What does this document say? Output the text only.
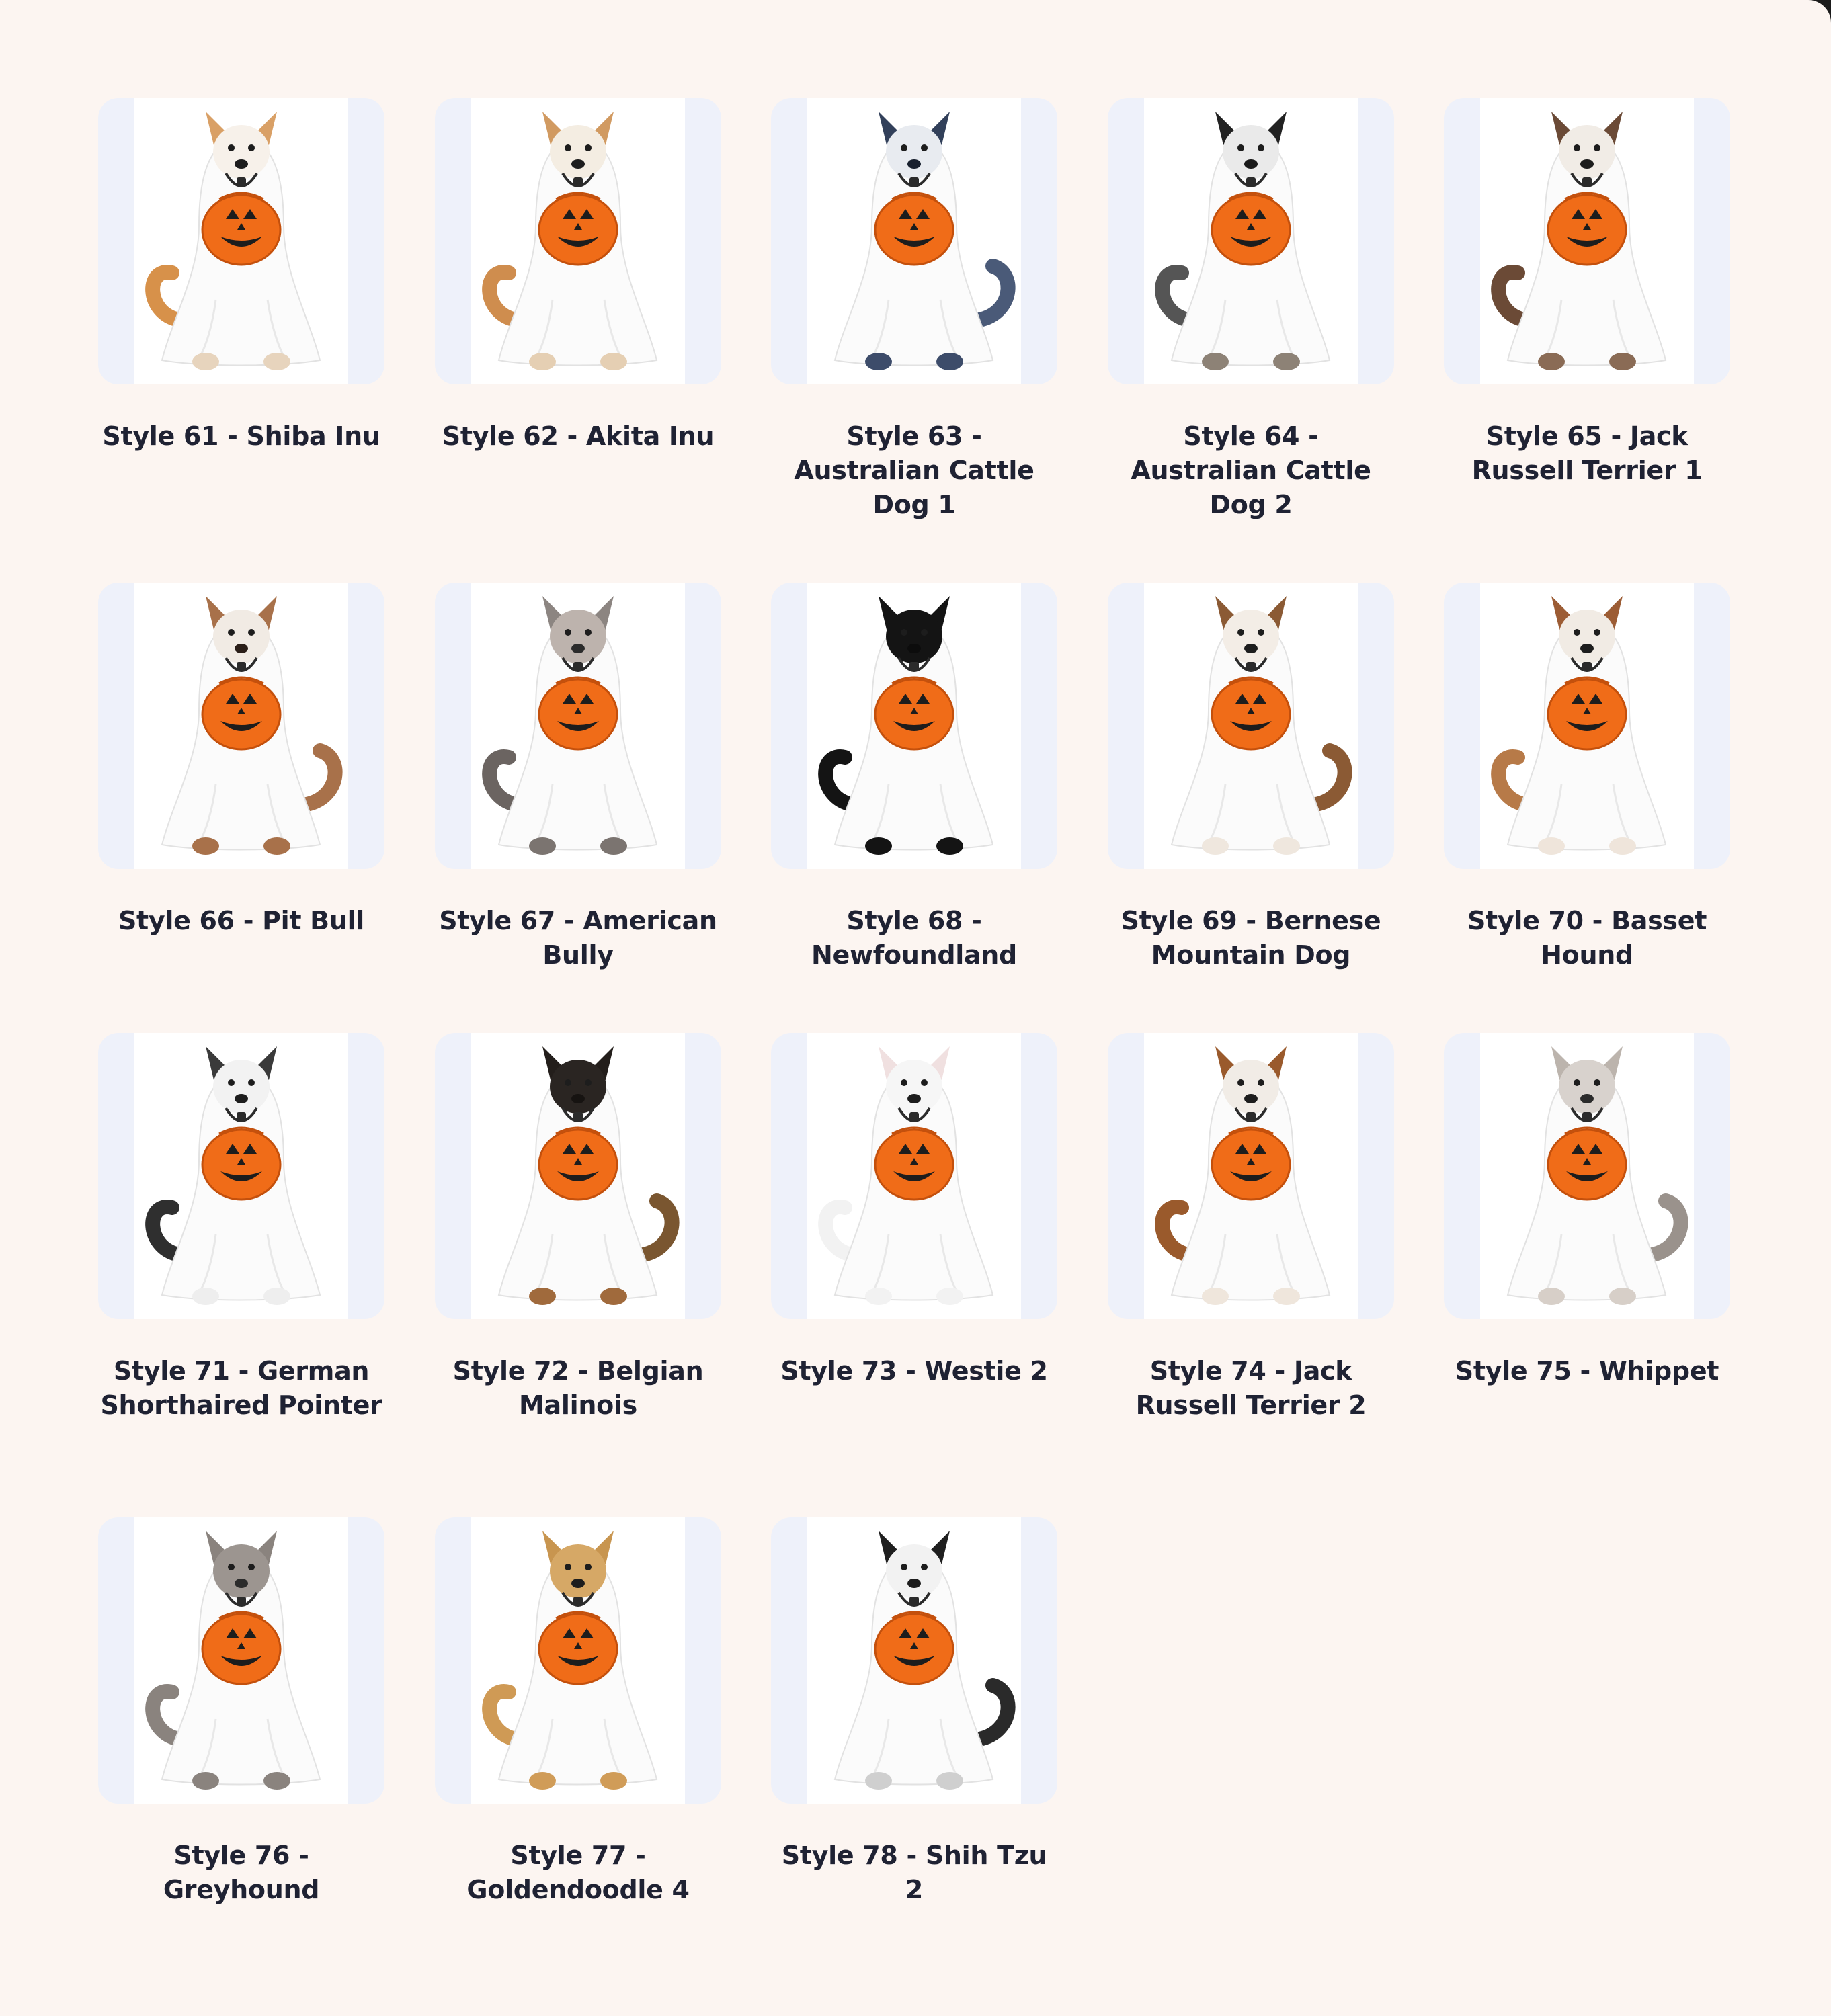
Style 61 - Shiba Inu Style 62 - Akita Inu	Style 63 - Australian Cattle Dog 1
Style 64 - Australian Cattle Dog 2
Style 65 - Jack Russell Terrier 1
Style 66 - Pit Bull	Style 67 - American Bully
Style 68 - Newfoundland
Style 69 - Bernese Mountain Dog
Style 70 - Basset Hound
Style 71 - German Shorthaired Pointer
Style 72 - Belgian Malinois
Style 73 - Westie 2	Style 74 - Jack Russell Terrier 2
Style 75 - Whippet
Style 76 - Greyhound
Style 77 - Goldendoodle 4
Style 78 - Shih Tzu 2
